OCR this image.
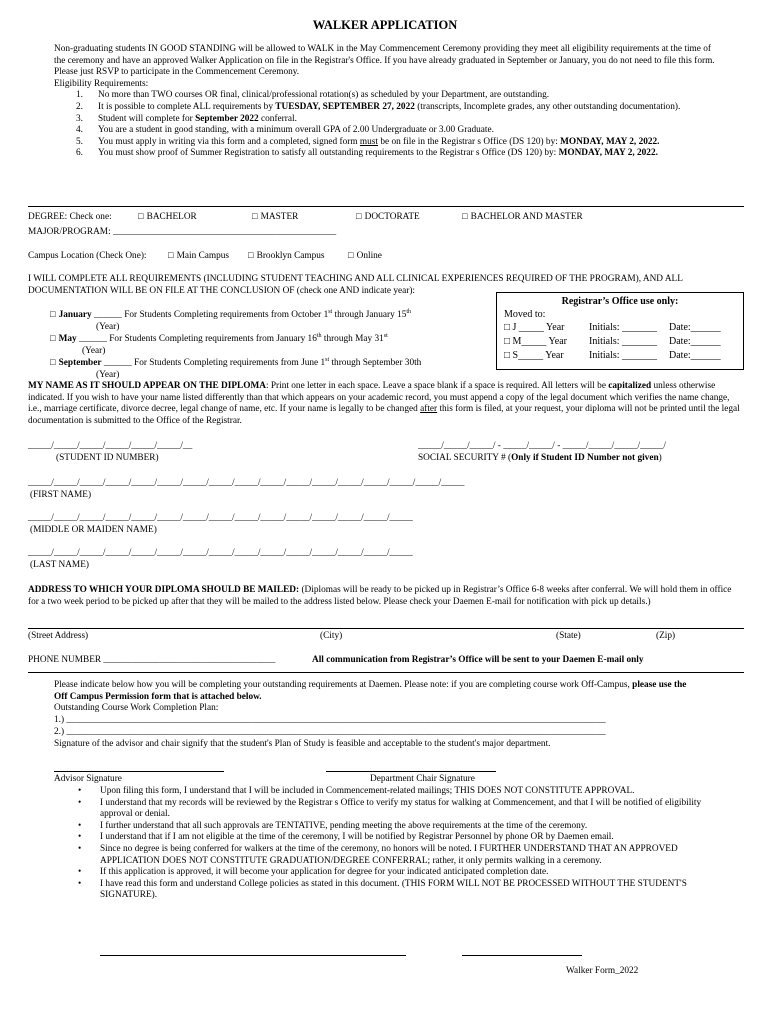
WALKER APPLICATION
Non-graduating students IN GOOD STANDING will be allowed to WALK in the May Commencement Ceremony providing they meet all eligibility requirements at the time of the ceremony and have an approved Walker Application on file in the Registrar's Office. If you have already graduated in September or January, you do not need to file this form. Please just RSVP to participate in the Commencement Ceremony.
Eligibility Requirements:
1. No more than TWO courses OR final, clinical/professional rotation(s) as scheduled by your Department, are outstanding.
2. It is possible to complete ALL requirements by TUESDAY, SEPTEMBER 27, 2022 (transcripts, Incomplete grades, any other outstanding documentation).
3. Student will complete for September 2022 conferral.
4. You are a student in good standing, with a minimum overall GPA of 2.00 Undergraduate or 3.00 Graduate.
5. You must apply in writing via this form and a completed, signed form must be on file in the Registrar s Office (DS 120) by: MONDAY, MAY 2, 2022.
6. You must show proof of Summer Registration to satisfy all outstanding requirements to the Registrar s Office (DS 120) by: MONDAY, MAY 2, 2022.
DEGREE: Check one:	□ BACHELOR	□ MASTER	□ DOCTORATE	□ BACHELOR AND MASTER
MAJOR/PROGRAM: ________________________________________________
Campus Location (Check One):	□ Main Campus	□ Brooklyn Campus	□ Online
I WILL COMPLETE ALL REQUIREMENTS (INCLUDING STUDENT TEACHING AND ALL CLINICAL EXPERIENCES REQUIRED OF THE PROGRAM), AND ALL DOCUMENTATION WILL BE ON FILE AT THE CONCLUSION OF (check one AND indicate year):
□ January ______ For Students Completing requirements from October 1st through January 15th
(Year)
□ May ______ For Students Completing requirements from January 16th through May 31st
(Year)
□ September ______ For Students Completing requirements from June 1st through September 30th
(Year)
Registrar’s Office use only:
Moved to:
□ J _____ Year Initials: _______ Date:______
□ M_____ Year Initials: _______ Date:______
□ S_____ Year	Initials: _______ Date:______
MY NAME AS IT SHOULD APPEAR ON THE DIPLOMA: Print one letter in each space. Leave a space blank if a space is required. All letters will be capitalized unless otherwise indicated. If you wish to have your name listed differently than that which appears on your academic record, you must append a copy of the legal document which verifies the name change, i.e., marriage certificate, divorce decree, legal change of name, etc. If your name is legally to be changed after this form is filed, at your request, your diploma will not be printed until the legal documentation is submitted to the Office of the Registrar.
_____/_____/_____/_____/_____/_____/__
(STUDENT ID NUMBER)
_____/_____/_____/ - _____/_____/ - _____/_____/_____/_____/
SOCIAL SECURITY # (Only if Student ID Number not given)
_____/_____/_____/_____/_____/_____/_____/_____/_____/_____/_____/_____/_____/_____/_____/_____/_____
(FIRST NAME)
_____/_____/_____/_____/_____/_____/_____/_____/_____/_____/_____/_____/_____/_____/_____
(MIDDLE OR MAIDEN NAME)
_____/_____/_____/_____/_____/_____/_____/_____/_____/_____/_____/_____/_____/_____/_____
(LAST NAME)
ADDRESS TO WHICH YOUR DIPLOMA SHOULD BE MAILED: (Diplomas will be ready to be picked up in Registrar’s Office 6-8 weeks after conferral. We will hold them in office for a two week period to be picked up after that they will be mailed to the address listed below. Please check your Daemen E-mail for notification with pick up details.)
(Street Address)	(City)	(State)	(Zip)
PHONE NUMBER _____________________________________	All communication from Registrar’s Office will be sent to your Daemen E-mail only
Please indicate below how you will be completing your outstanding requirements at Daemen. Please note: if you are completing course work Off-Campus, please use the Off Campus Permission form that is attached below.
Outstanding Course Work Completion Plan:
1.) ____________________________________________________________________________________________________________________
2.) ____________________________________________________________________________________________________________________
Signature of the advisor and chair signify that the student's Plan of Study is feasible and acceptable to the student's major department.
Advisor Signature	Department Chair Signature
• Upon filing this form, I understand that I will be included in Commencement-related mailings; THIS DOES NOT CONSTITUTE APPROVAL.
• I understand that my records will be reviewed by the Registrar s Office to verify my status for walking at Commencement, and that I will be notified of eligibility approval or denial.
• I further understand that all such approvals are TENTATIVE, pending meeting the above requirements at the time of the ceremony.
• I understand that if I am not eligible at the time of the ceremony, I will be notified by Registrar Personnel by phone OR by Daemen email.
• Since no degree is being conferred for walkers at the time of the ceremony, no honors will be noted. I FURTHER UNDERSTAND THAT AN APPROVED APPLICATION DOES NOT CONSTITUTE GRADUATION/DEGREE CONFERRAL; rather, it only permits walking in a ceremony.
• If this application is approved, it will become your application for degree for your indicated anticipated completion date.
• I have read this form and understand College policies as stated in this document. (THIS FORM WILL NOT BE PROCESSED WITHOUT THE STUDENT'S SIGNATURE).
Walker Form_2022
